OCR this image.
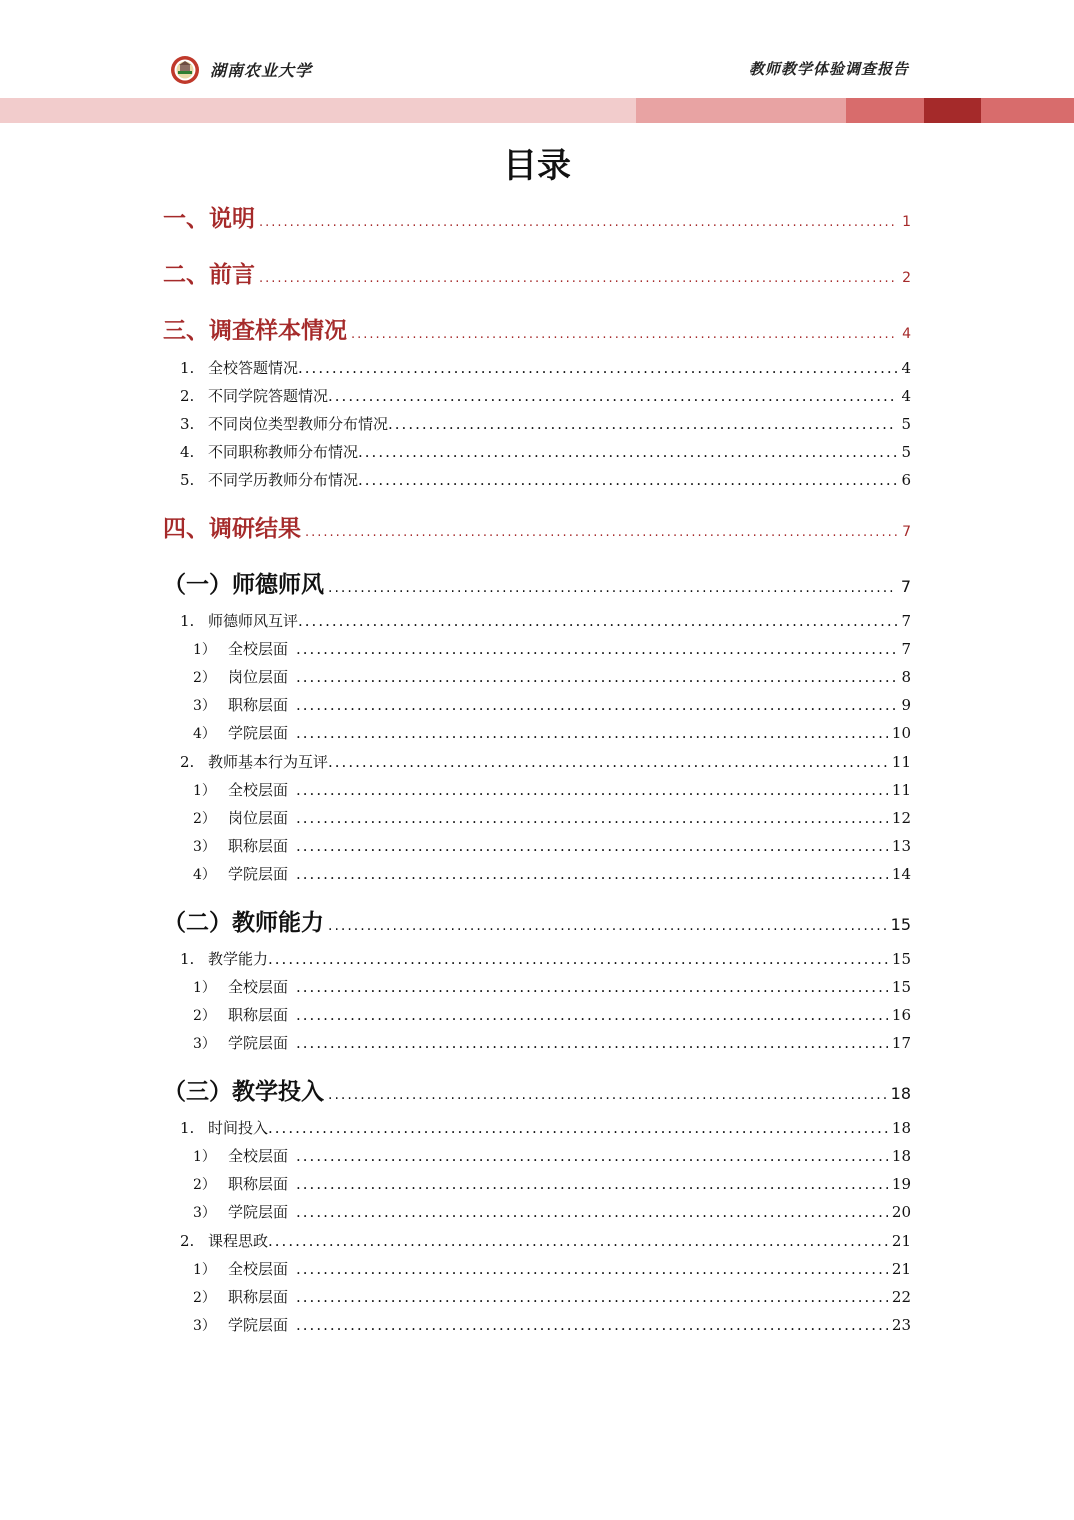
湖南农业大学	教师教学体验调查报告
目录
一、说明 .....	1
二、前言 .....	2
三、调查样本情况 .....	4
1. 全校答题情况 .....	4
2. 不同学院答题情况 .....	4
3. 不同岗位类型教师分布情况 .....	5
4. 不同职称教师分布情况 .....	5
5. 不同学历教师分布情况 .....	6
四、调研结果 .....	7
（一）师德师风 .....	7
1. 师德师风互评 .....	7
1） 全校层面 .....	7
2） 岗位层面 .....	8
3） 职称层面 .....	9
4） 学院层面 .....	10
2. 教师基本行为互评 .....	11
1） 全校层面 .....	11
2） 岗位层面 .....	12
3） 职称层面 .....	13
4） 学院层面 .....	14
（二）教师能力 .....	15
1. 教学能力 .....	15
1） 全校层面 .....	15
2） 职称层面 .....	16
3） 学院层面 .....	17
（三）教学投入 .....	18
1. 时间投入 .....	18
1） 全校层面 .....	18
2） 职称层面 .....	19
3） 学院层面 .....	20
2. 课程思政 .....	21
1） 全校层面 .....	21
2） 职称层面 .....	22
3） 学院层面 .....	23
